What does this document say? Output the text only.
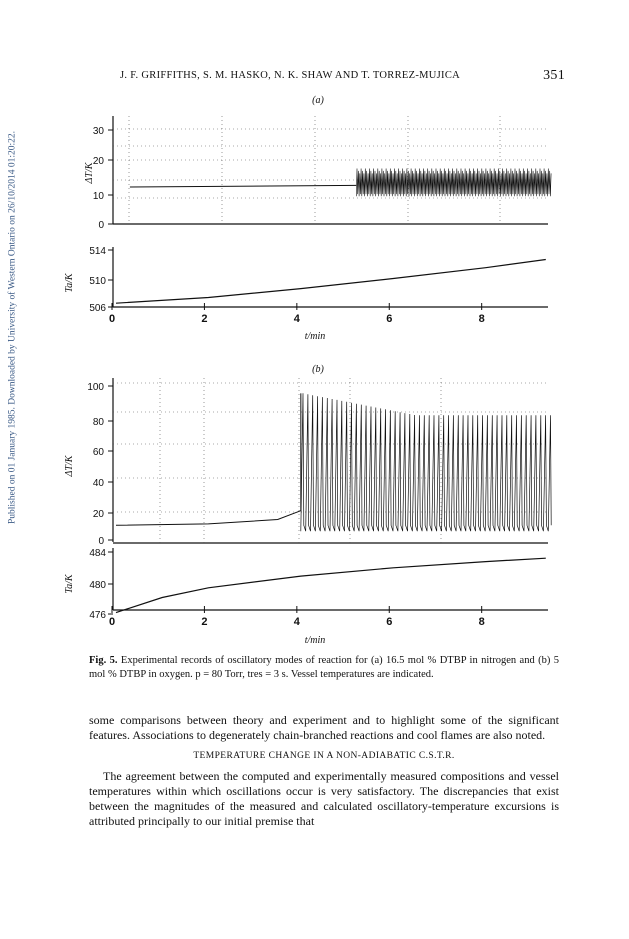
Published on 01 January 1985. Downloaded by University of Western Ontario on 26/10/2014 01:20:22.
J. F. GRIFFITHS, S. M. HASKO, N. K. SHAW AND T. TORREZ-MUJICA	351
(a)
0
10
20
30
ΔT/K
506
510
514
Ta/K
0	2	4	6	8
t/min
(b)
0
20
40
60
80
100
ΔT/K
476
480
484
Ta/K
0	2	4	6	8
t/min
Fig. 5. Experimental records of oscillatory modes of reaction for (a) 16.5 mol % DTBP in nitrogen and (b) 5 mol % DTBP in oxygen. p = 80 Torr, tres = 3 s. Vessel temperatures are indicated.
some comparisons between theory and experiment and to highlight some of the significant features. Associations to degenerately chain-branched reactions and cool flames are also noted.
TEMPERATURE CHANGE IN A NON-ADIABATIC C.S.T.R.
The agreement between the computed and experimentally measured compositions and vessel temperatures within which oscillations occur is very satisfactory. The discrepancies that exist between the magnitudes of the measured and calculated oscillatory-temperature excursions is attributed principally to our initial premise that
